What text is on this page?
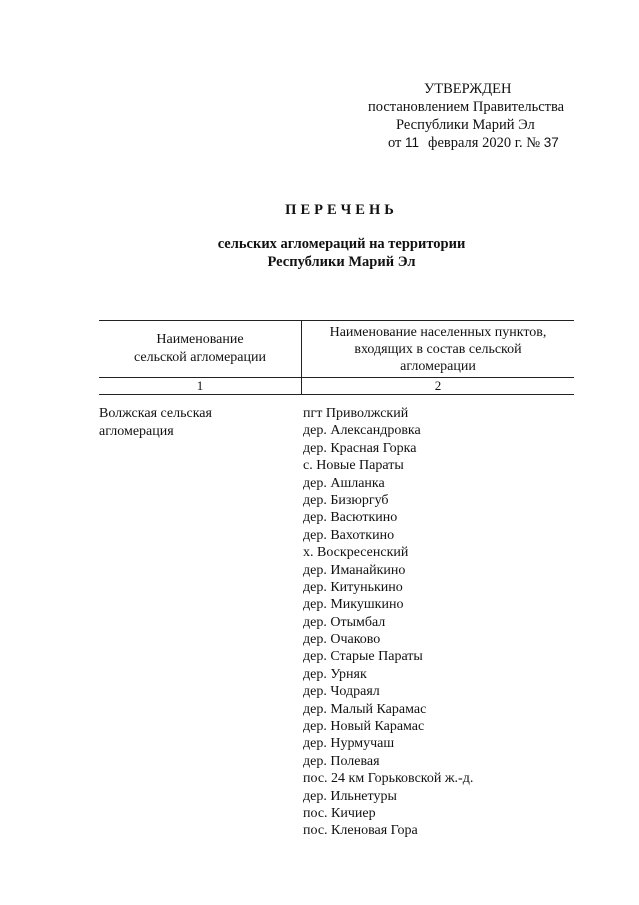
УТВЕРЖДЕН
постановлением Правительства
Республики Марий Эл
от 11 февраля 2020 г. № 37
ПЕРЕЧЕНЬ
сельских агломераций на территории
Республики Марий Эл
Наименование
сельской агломерации
Наименование населенных пунктов,
входящих в состав сельской
агломерации
1	2
Волжская сельская
агломерация
пгт Приволжский
дер. Александровка
дер. Красная Горка
с. Новые Параты
дер. Ашланка
дер. Бизюргуб
дер. Васюткино
дер. Вахоткино
х. Воскресенский
дер. Иманайкино
дер. Китунькино
дер. Микушкино
дер. Отымбал
дер. Очаково
дер. Старые Параты
дер. Урняк
дер. Чодраял
дер. Малый Карамас
дер. Новый Карамас
дер. Нурмучаш
дер. Полевая
пос. 24 км Горьковской ж.-д.
дер. Ильнетуры
пос. Кичиер
пос. Кленовая Гора
